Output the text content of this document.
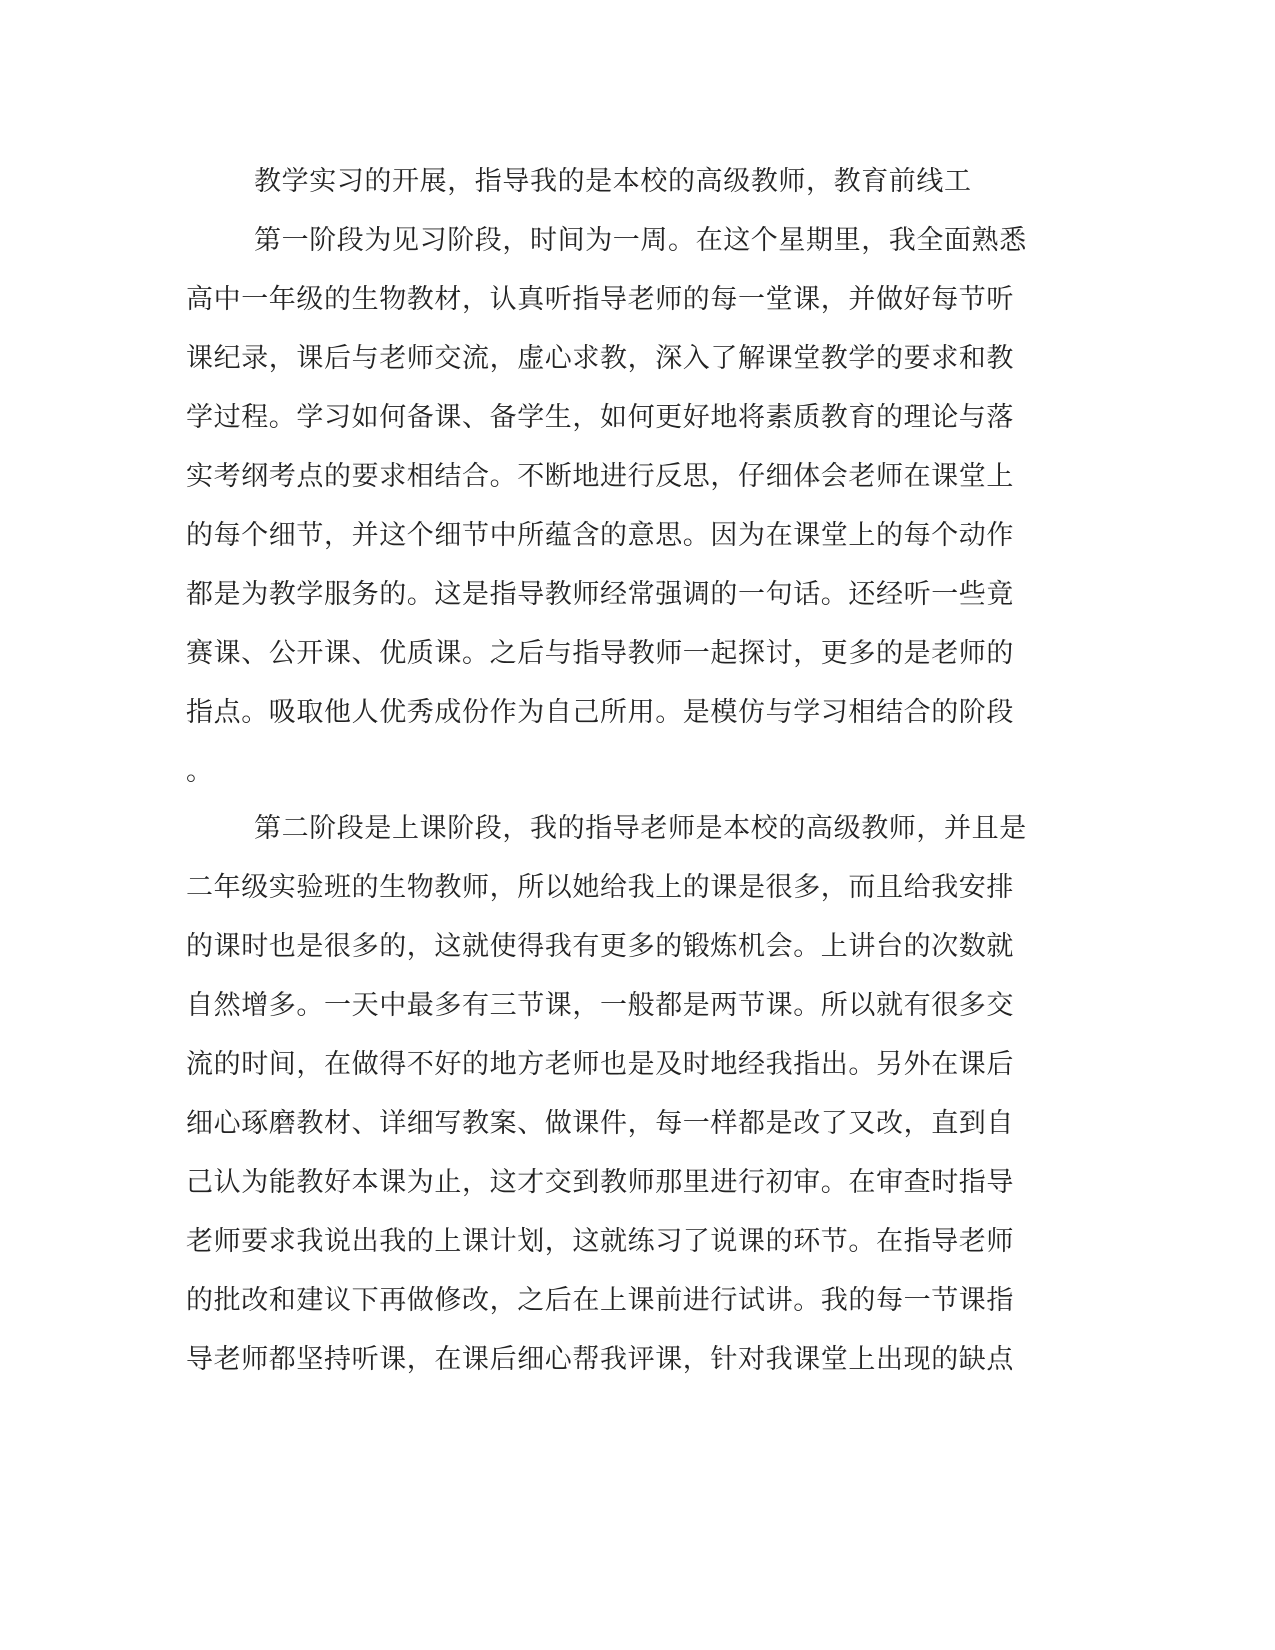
教学实习的开展，指导我的是本校的高级教师，教育前线工
第一阶段为见习阶段，时间为一周。在这个星期里，我全面熟悉
高中一年级的生物教材，认真听指导老师的每一堂课，并做好每节听
课纪录，课后与老师交流，虚心求教，深入了解课堂教学的要求和教
学过程。学习如何备课、备学生，如何更好地将素质教育的理论与落
实考纲考点的要求相结合。不断地进行反思，仔细体会老师在课堂上
的每个细节，并这个细节中所蕴含的意思。因为在课堂上的每个动作
都是为教学服务的。这是指导教师经常强调的一句话。还经听一些竟
赛课、公开课、优质课。之后与指导教师一起探讨，更多的是老师的
指点。吸取他人优秀成份作为自己所用。是模仿与学习相结合的阶段
。
第二阶段是上课阶段，我的指导老师是本校的高级教师，并且是
二年级实验班的生物教师，所以她给我上的课是很多，而且给我安排
的课时也是很多的，这就使得我有更多的锻炼机会。上讲台的次数就
自然增多。一天中最多有三节课，一般都是两节课。所以就有很多交
流的时间，在做得不好的地方老师也是及时地经我指出。另外在课后
细心琢磨教材、详细写教案、做课件，每一样都是改了又改，直到自
己认为能教好本课为止，这才交到教师那里进行初审。在审查时指导
老师要求我说出我的上课计划，这就练习了说课的环节。在指导老师
的批改和建议下再做修改，之后在上课前进行试讲。我的每一节课指
导老师都坚持听课，在课后细心帮我评课，针对我课堂上出现的缺点
